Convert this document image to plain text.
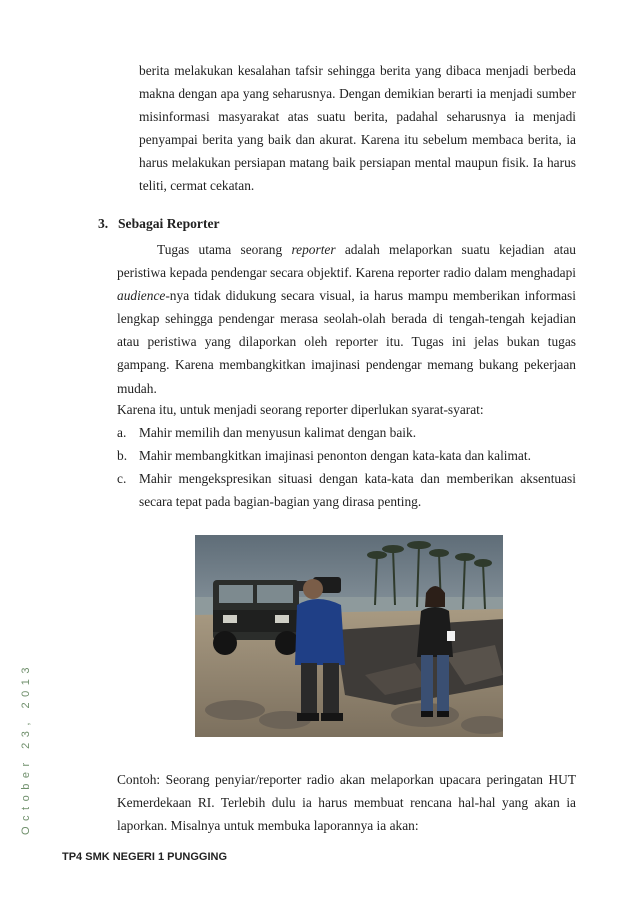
October 23, 2013
berita melakukan kesalahan tafsir sehingga berita yang dibaca menjadi berbeda makna dengan apa yang seharusnya. Dengan demikian berarti ia menjadi sumber misinformasi masyarakat atas suatu berita, padahal seharusnya ia menjadi penyampai berita yang baik dan akurat. Karena itu sebelum membaca berita, ia harus melakukan persiapan matang baik persiapan mental maupun fisik. Ia harus teliti, cermat cekatan.
3. Sebagai Reporter
Tugas utama seorang reporter adalah melaporkan suatu kejadian atau peristiwa kepada pendengar secara objektif. Karena reporter radio dalam menghadapi audience-nya tidak didukung secara visual, ia harus mampu memberikan informasi lengkap sehingga pendengar merasa seolah-olah berada di tengah-tengah kejadian atau peristiwa yang dilaporkan oleh reporter itu. Tugas ini jelas bukan tugas gampang. Karena membangkitkan imajinasi pendengar memang bukang pekerjaan mudah.
Karena itu, untuk menjadi seorang reporter diperlukan syarat-syarat:
a. Mahir memilih dan menyusun kalimat dengan baik.
b. Mahir membangkitkan imajinasi penonton dengan kata-kata dan kalimat.
c. Mahir mengekspresikan situasi dengan kata-kata dan memberikan aksentuasi secara tepat pada bagian-bagian yang dirasa penting.
Contoh: Seorang penyiar/reporter radio akan melaporkan upacara peringatan HUT Kemerdekaan RI. Terlebih dulu ia harus membuat rencana hal-hal yang akan ia laporkan. Misalnya untuk membuka laporannya ia akan:
TP4 SMK NEGERI 1 PUNGGING
